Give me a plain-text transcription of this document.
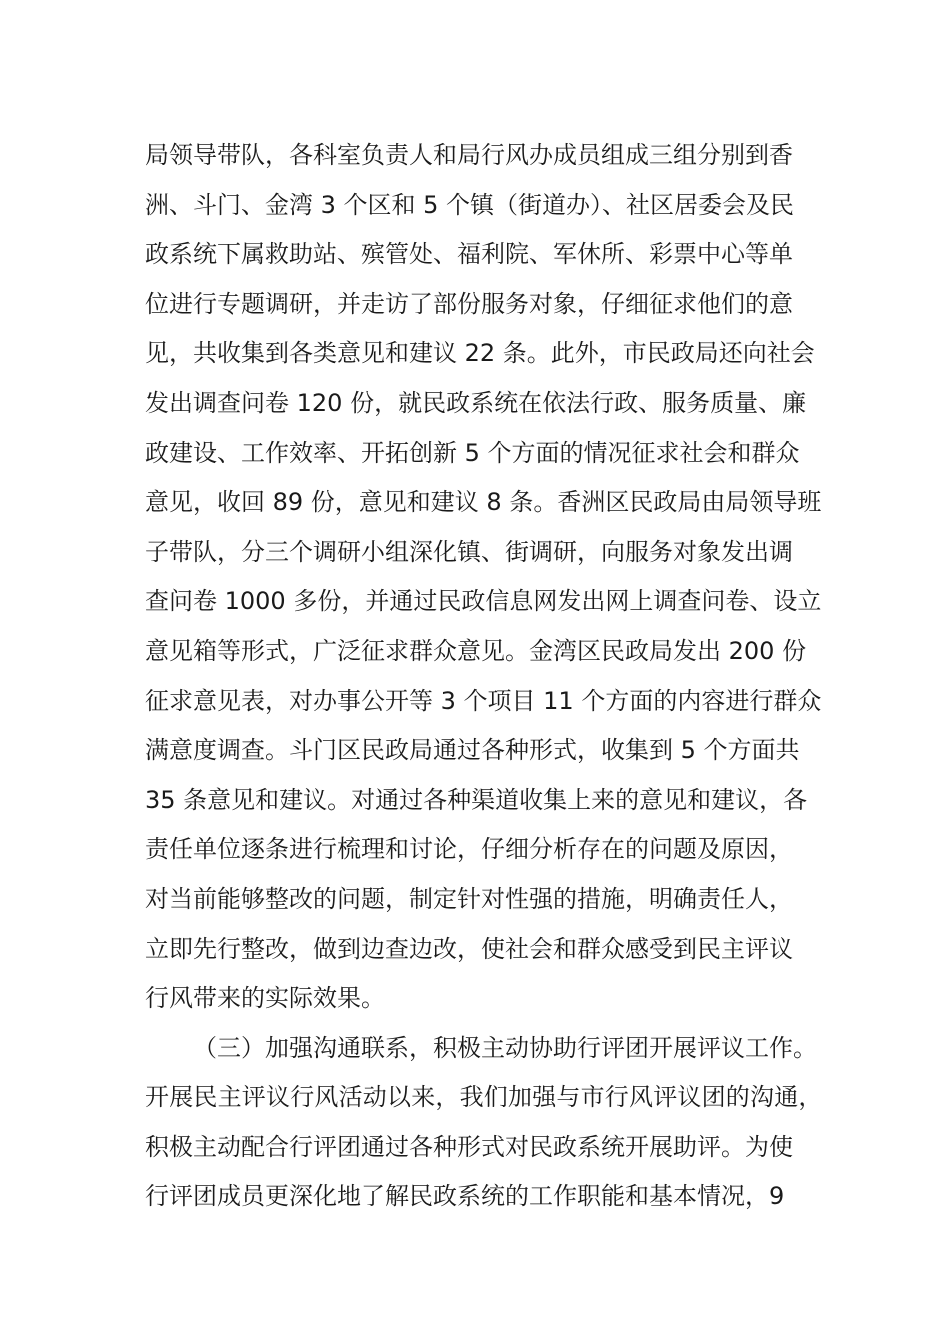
局领导带队，各科室负责人和局行风办成员组成三组分别到香
洲、斗门、金湾 3 个区和 5 个镇（街道办）、社区居委会及民
政系统下属救助站、殡管处、福利院、军休所、彩票中心等单
位进行专题调研，并走访了部份服务对象，仔细征求他们的意
见，共收集到各类意见和建议 22 条。此外，市民政局还向社会
发出调查问卷 120 份，就民政系统在依法行政、服务质量、廉
政建设、工作效率、开拓创新 5 个方面的情况征求社会和群众
意见，收回 89 份，意见和建议 8 条。香洲区民政局由局领导班
子带队，分三个调研小组深化镇、街调研，向服务对象发出调
查问卷 1000 多份，并通过民政信息网发出网上调查问卷、设立
意见箱等形式，广泛征求群众意见。金湾区民政局发出 200 份
征求意见表，对办事公开等 3 个项目 11 个方面的内容进行群众
满意度调查。斗门区民政局通过各种形式，收集到 5 个方面共
35 条意见和建议。对通过各种渠道收集上来的意见和建议，各
责任单位逐条进行梳理和讨论，仔细分析存在的问题及原因，
对当前能够整改的问题，制定针对性强的措施，明确责任人，
立即先行整改，做到边查边改，使社会和群众感受到民主评议
行风带来的实际效果。
（三）加强沟通联系，积极主动协助行评团开展评议工作。
开展民主评议行风活动以来，我们加强与市行风评议团的沟通，
积极主动配合行评团通过各种形式对民政系统开展助评。为使
行评团成员更深化地了解民政系统的工作职能和基本情况，9
